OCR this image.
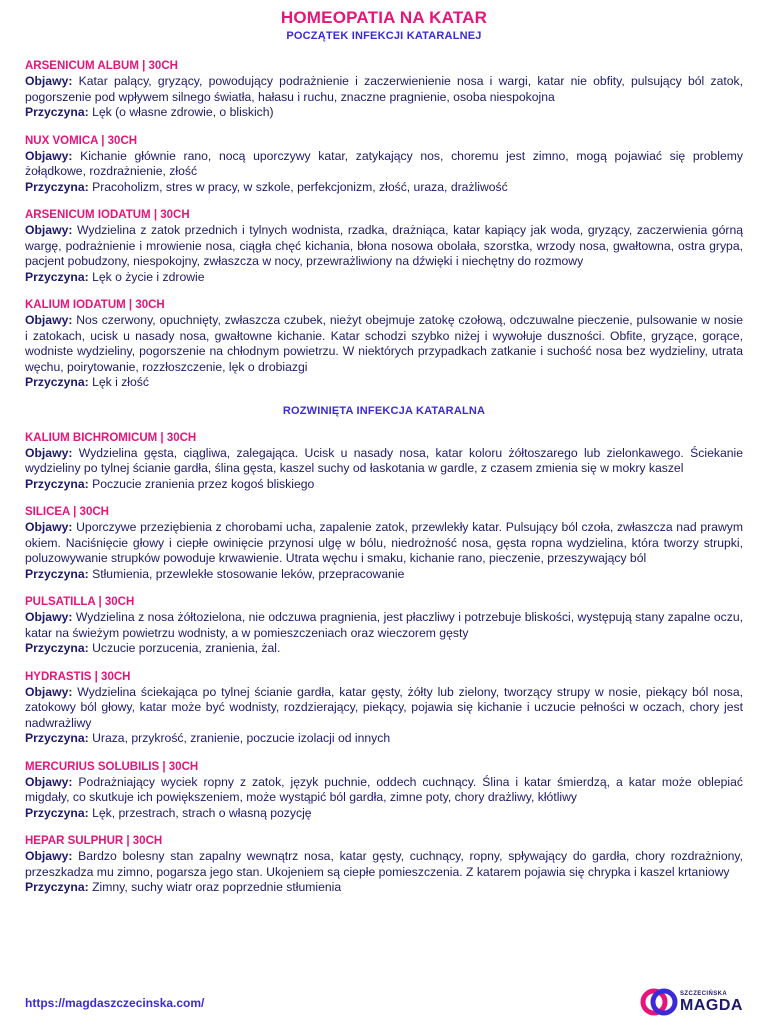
HOMEOPATIA NA KATAR
POCZĄTEK INFEKCJI KATARALNEJ
ARSENICUM ALBUM | 30CH

Objawy: Katar palący, gryzący, powodujący podrażnienie i zaczerwienienie nosa i wargi, katar nie obfity, pulsujący ból zatok, pogorszenie pod wpływem silnego światła, hałasu i ruchu, znaczne pragnienie, osoba niespokojna

Przyczyna: Lęk (o własne zdrowie, o bliskich)

NUX VOMICA | 30CH

Objawy: Kichanie głównie rano, nocą uporczywy katar, zatykający nos, choremu jest zimno, mogą pojawiać się problemy żołądkowe, rozdrażnienie, złość

Przyczyna: Pracoholizm, stres w pracy, w szkole, perfekcjonizm, złość, uraza, drażliwość

ARSENICUM IODATUM | 30CH

Objawy: Wydzielina z zatok przednich i tylnych wodnista, rzadka, drażniąca, katar kapiący jak woda, gryzący, zaczerwienia górną wargę, podrażnienie i mrowienie nosa, ciągła chęć kichania, błona nosowa obolała, szorstka, wrzody nosa, gwałtowna, ostra grypa, pacjent pobudzony, niespokojny, zwłaszcza w nocy, przewrażliwiony na dźwięki i niechętny do rozmowy

Przyczyna: Lęk o życie i zdrowie

KALIUM IODATUM | 30CH

Objawy: Nos czerwony, opuchnięty, zwłaszcza czubek, nieżyt obejmuje zatokę czołową, odczuwalne pieczenie, pulsowanie w nosie i zatokach, ucisk u nasady nosa, gwałtowne kichanie. Katar schodzi szybko niżej i wywołuje duszności. Obfite, gryzące, gorące, wodniste wydzieliny, pogorszenie na chłodnym powietrzu. W niektórych przypadkach zatkanie i suchość nosa bez wydzieliny, utrata węchu, poirytowanie, rozzłoszczenie, lęk o drobiazgi

Przyczyna: Lęk i złość

ROZWINIĘTA INFEKCJA KATARALNA
KALIUM BICHROMICUM | 30CH

Objawy: Wydzielina gęsta, ciągliwa, zalegająca. Ucisk u nasady nosa, katar koloru żółtoszarego lub zielonkawego. Ściekanie wydzieliny po tylnej ścianie gardła, ślina gęsta, kaszel suchy od łaskotania w gardle, z czasem zmienia się w mokry kaszel

Przyczyna: Poczucie zranienia przez kogoś bliskiego

SILICEA | 30CH

Objawy: Uporczywe przeziębienia z chorobami ucha, zapalenie zatok, przewlekły katar. Pulsujący ból czoła, zwłaszcza nad prawym okiem. Naciśnięcie głowy i ciepłe owinięcie przynosi ulgę w bólu, niedrożność nosa, gęsta ropna wydzielina, która tworzy strupki, poluzowywanie strupków powoduje krwawienie. Utrata węchu i smaku, kichanie rano, pieczenie, przeszywający ból

Przyczyna: Stłumienia, przewlekłe stosowanie leków, przepracowanie

PULSATILLA | 30CH

Objawy: Wydzielina z nosa żółtozielona, nie odczuwa pragnienia, jest płaczliwy i potrzebuje bliskości, występują stany zapalne oczu, katar na świeżym powietrzu wodnisty, a w pomieszczeniach oraz wieczorem gęsty

Przyczyna: Uczucie porzucenia, zranienia, żal.

HYDRASTIS | 30CH

Objawy: Wydzielina ściekająca po tylnej ścianie gardła, katar gęsty, żółty lub zielony, tworzący strupy w nosie, piekący ból nosa, zatokowy ból głowy, katar może być wodnisty, rozdzierający, piekący, pojawia się kichanie i uczucie pełności w oczach, chory jest nadwrażliwy

Przyczyna: Uraza, przykrość, zranienie, poczucie izolacji od innych

MERCURIUS SOLUBILIS | 30CH

Objawy: Podrażniający wyciek ropny z zatok, język puchnie, oddech cuchnący. Ślina i katar śmierdzą, a katar może oblepiać migdały, co skutkuje ich powiększeniem, może wystąpić ból gardła, zimne poty, chory drażliwy, kłótliwy

Przyczyna: Lęk, przestrach, strach o własną pozycję

HEPAR SULPHUR | 30CH

Objawy: Bardzo bolesny stan zapalny wewnątrz nosa, katar gęsty, cuchnący, ropny, spływający do gardła, chory rozdrażniony, przeszkadza mu zimno, pogarsza jego stan. Ukojeniem są ciepłe pomieszczenia. Z katarem pojawia się chrypka i kaszel krtaniowy

Przyczyna: Zimny, suchy wiatr oraz poprzednie stłumienia

https://magdaszczecinska.com/
SZCZECIŃSKA
MAGDA
